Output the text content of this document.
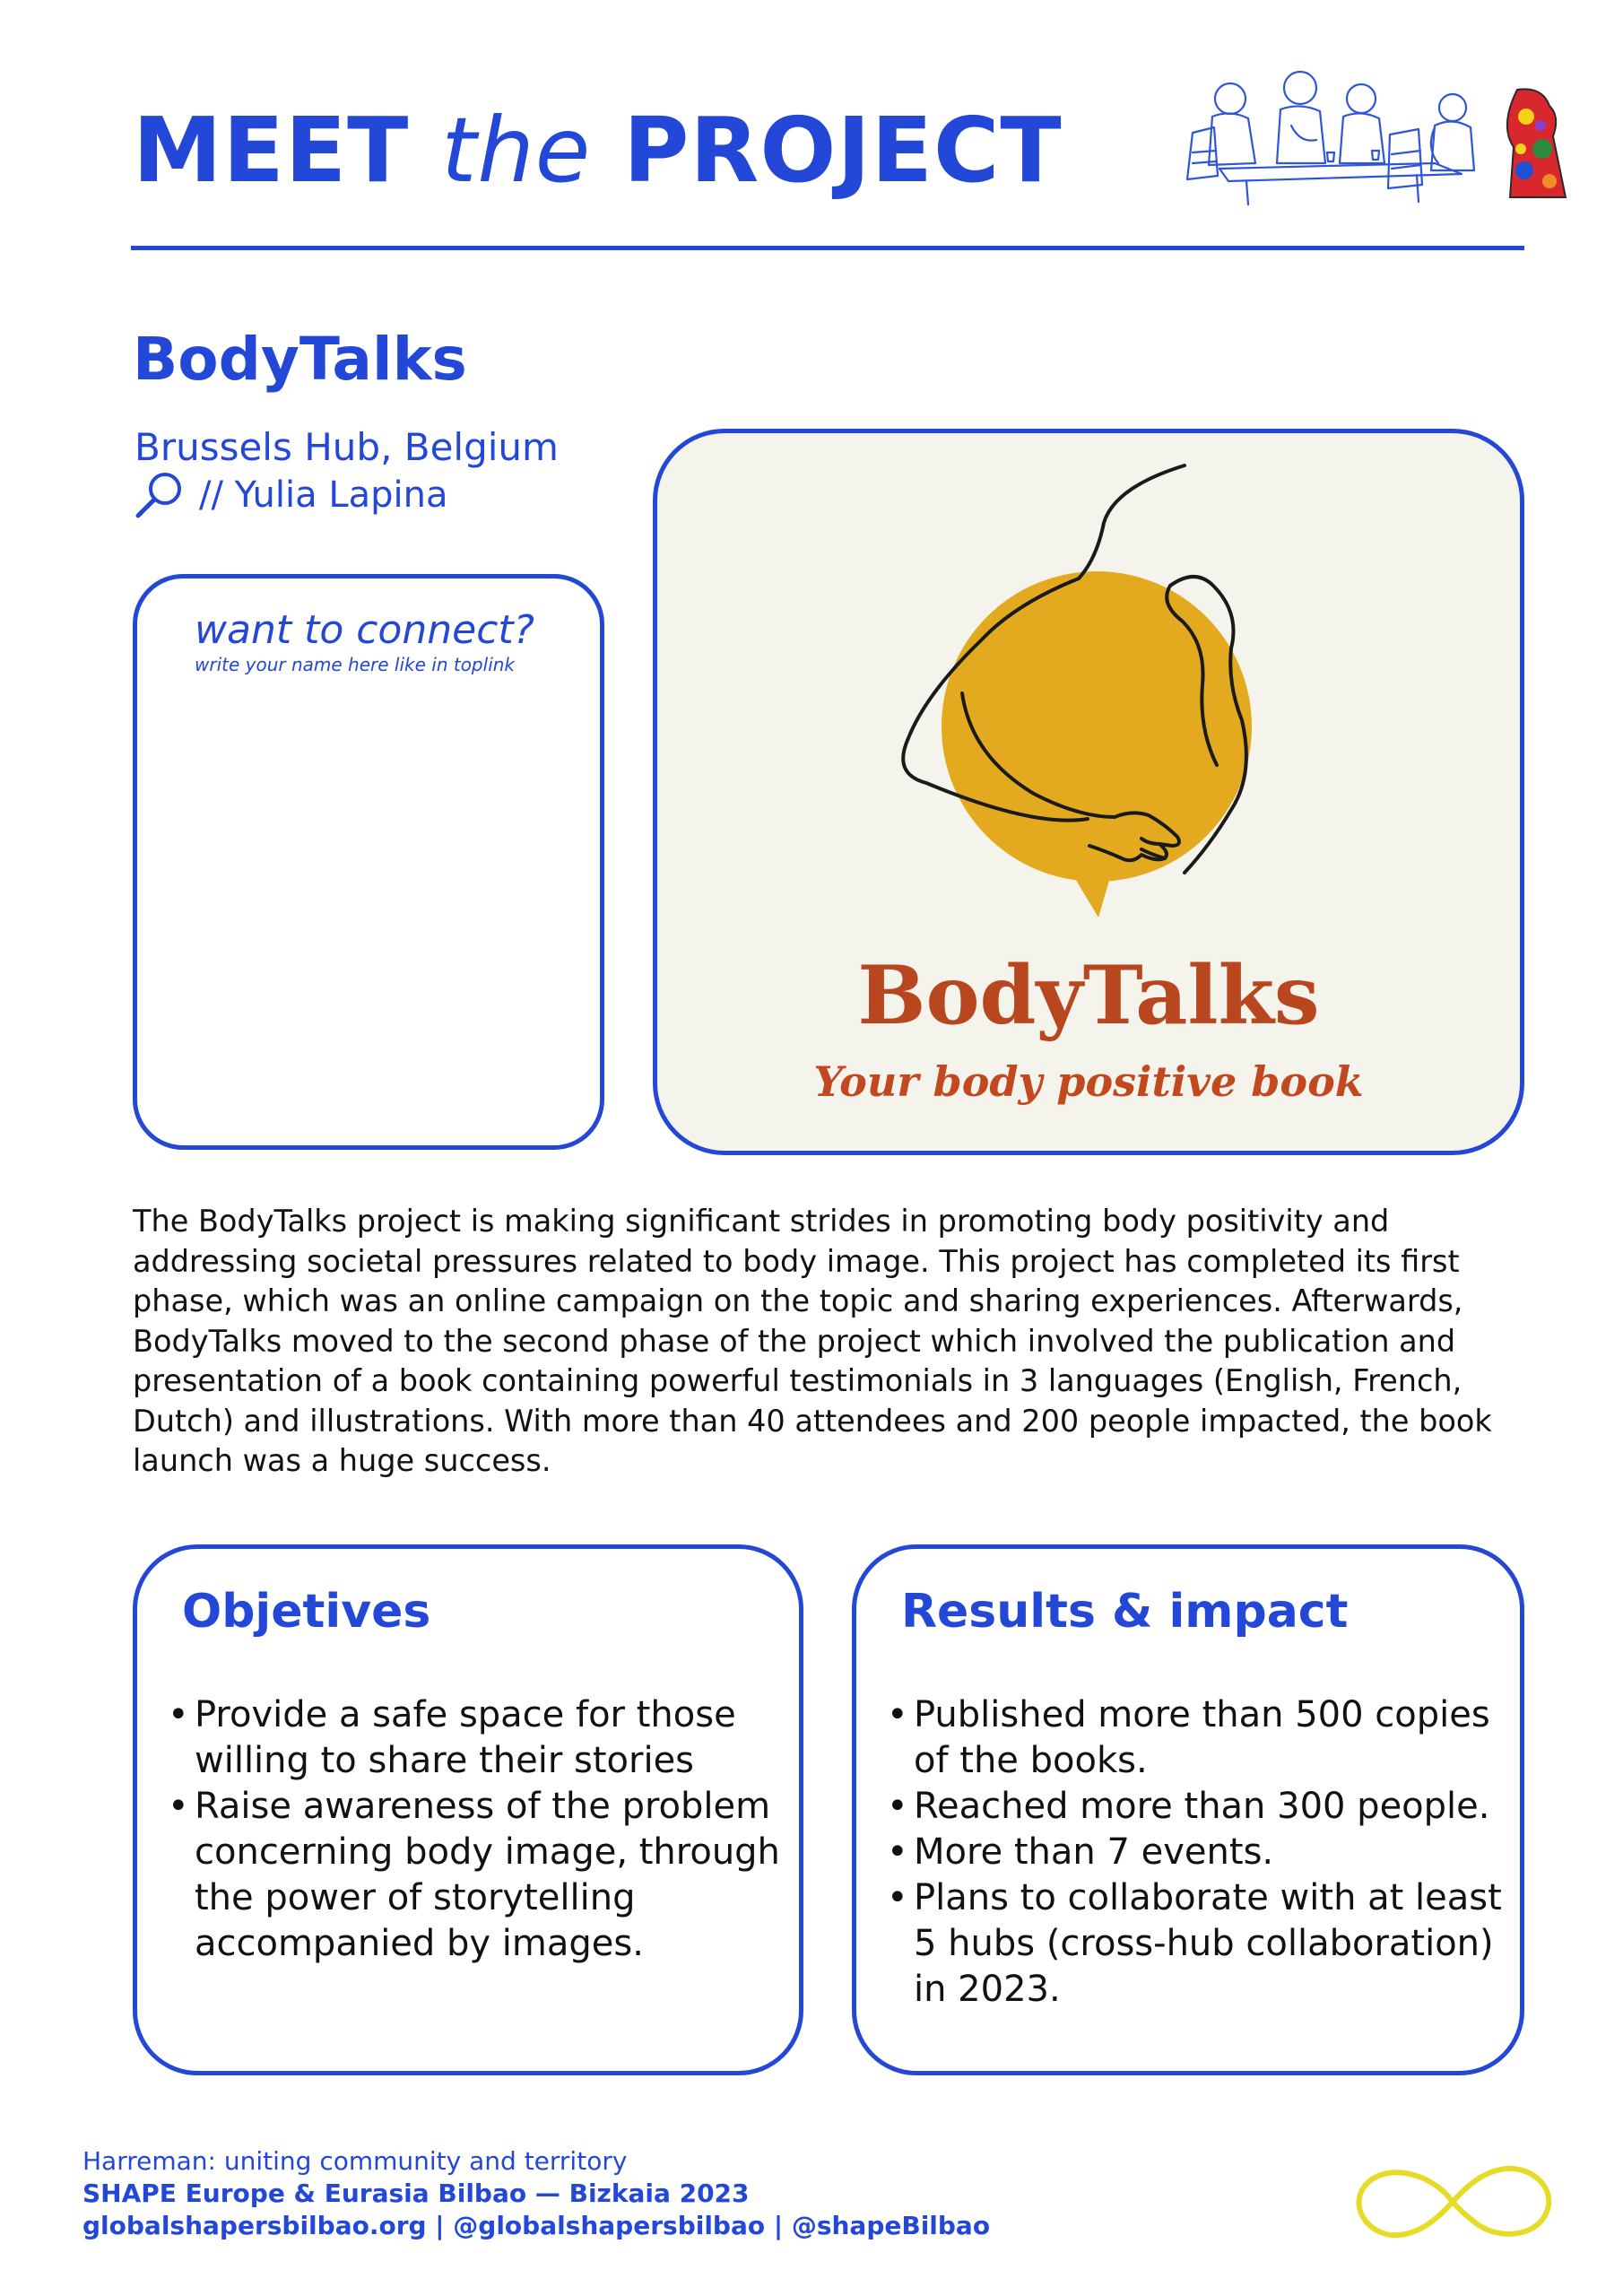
MEET the PROJECT
BodyTalks
Brussels Hub, Belgium
// Yulia Lapina
want to connect?
write your name here like in toplink
BodyTalks
Your body positive book

The BodyTalks project is making significant strides in promoting body positivity and addressing societal pressures related to body image. This project has completed its first phase, which was an online campaign on the topic and sharing experiences. Afterwards, BodyTalks moved to the second phase of the project which involved the publication and presentation of a book containing powerful testimonials in 3 languages (English, French, Dutch) and illustrations. With more than 40 attendees and 200 people impacted, the book launch was a huge success.

Objetives
• Provide a safe space for those willing to share their stories
• Raise awareness of the problem concerning body image, through the power of storytelling accompanied by images.
Results & impact
• Published more than 500 copies of the books.
• Reached more than 300 people.
• More than 7 events.
• Plans to collaborate with at least 5 hubs (cross-hub collaboration) in 2023.
Harreman: uniting community and territory
SHAPE Europe & Eurasia Bilbao — Bizkaia 2023
globalshapersbilbao.org | @globalshapersbilbao | @shapeBilbao
